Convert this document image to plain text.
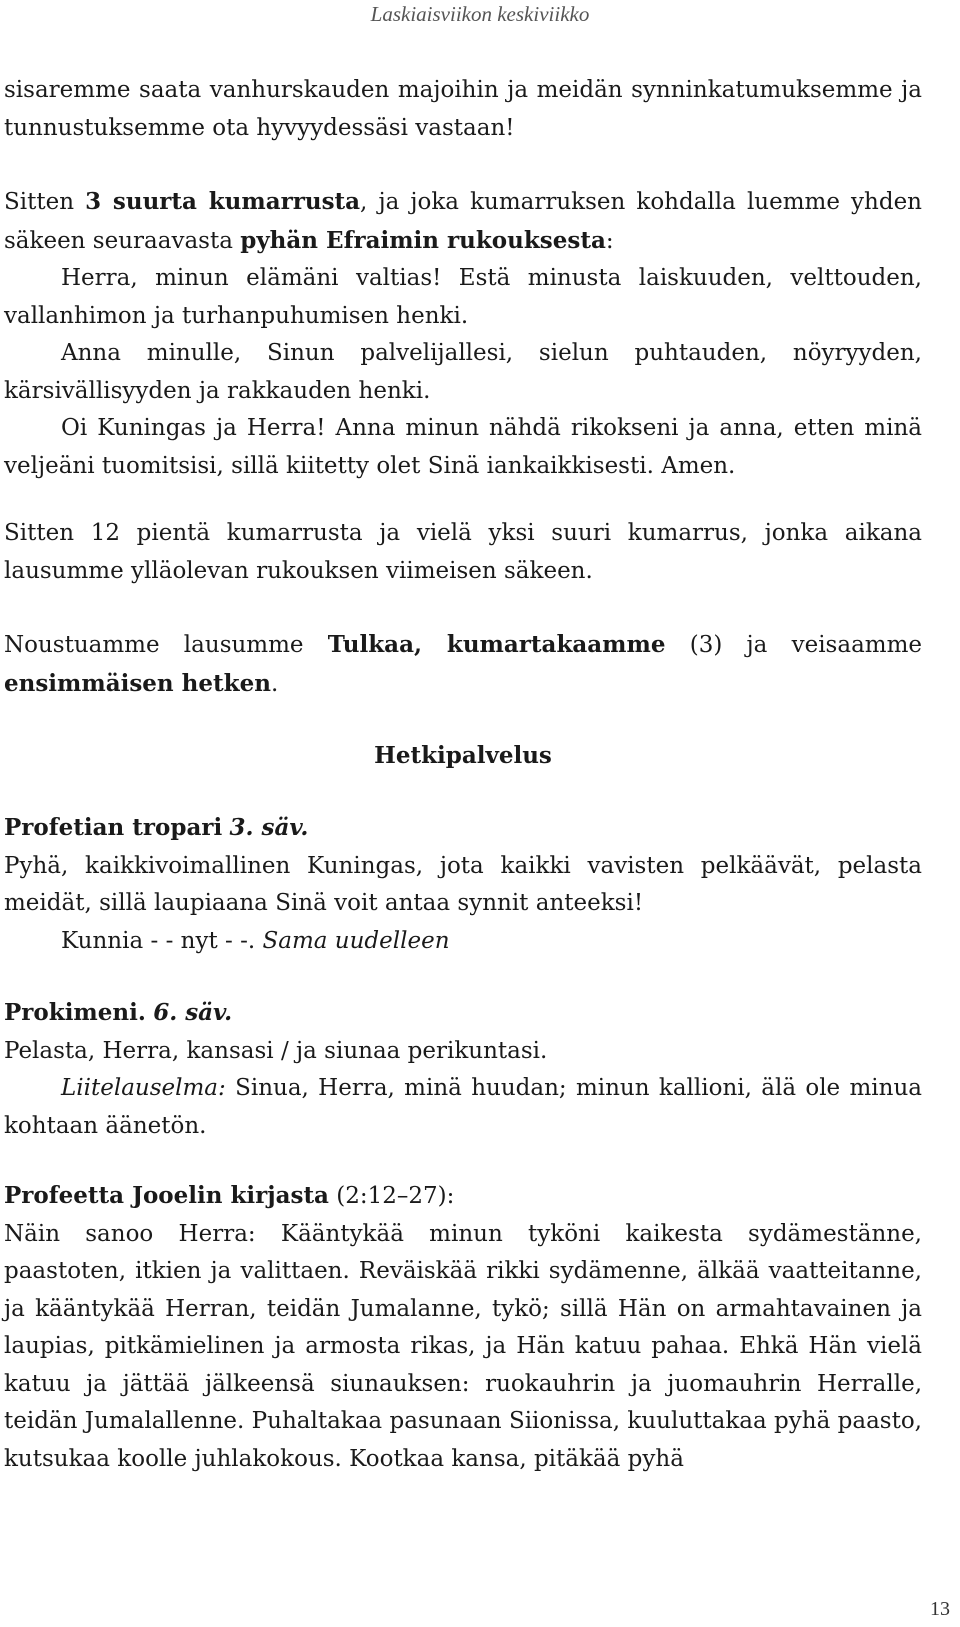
Laskiaisviikon keskiviikko

sisaremme saata vanhurskauden majoihin ja meidän synninkatumuksemme ja tunnustuksemme ota hyvyydessäsi vastaan!

Sitten 3 suurta kumarrusta, ja joka kumarruksen kohdalla luemme yhden säkeen seuraavasta pyhän Efraimin rukouksesta:

Herra, minun elämäni valtias! Estä minusta laiskuuden, velttouden, vallanhimon ja turhanpuhumisen henki.

Anna minulle, Sinun palvelijallesi, sielun puhtauden, nöyryyden, kärsivällisyyden ja rakkauden henki.

Oi Kuningas ja Herra! Anna minun nähdä rikokseni ja anna, etten minä veljeäni tuomitsisi, sillä kiitetty olet Sinä iankaikkisesti. Amen.

Sitten 12 pientä kumarrusta ja vielä yksi suuri kumarrus, jonka aikana lausumme ylläolevan rukouksen viimeisen säkeen.

Noustuamme lausumme Tulkaa, kumartakaamme (3) ja veisaamme ensimmäisen hetken.

Hetkipalvelus

Profetian tropari 3. säv.

Pyhä, kaikkivoimallinen Kuningas, jota kaikki vavisten pelkäävät, pelasta meidät, sillä laupiaana Sinä voit antaa synnit anteeksi!

Kunnia - - nyt - -. Sama uudelleen

Prokimeni. 6. säv.

Pelasta, Herra, kansasi / ja siunaa perikuntasi.

Liitelauselma: Sinua, Herra, minä huudan; minun kallioni, älä ole minua kohtaan äänetön.

Profeetta Jooelin kirjasta (2:12–27):

Näin sanoo Herra: Kääntykää minun tyköni kaikesta sydämestänne, paastoten, itkien ja valittaen. Reväiskää rikki sydämenne, älkää vaatteitanne, ja kääntykää Herran, teidän Jumalanne, tykö; sillä Hän on armahtavainen ja laupias, pitkämielinen ja armosta rikas, ja Hän katuu pahaa. Ehkä Hän vielä katuu ja jättää jälkeensä siunauksen: ruokauhrin ja juomauhrin Herralle, teidän Jumalallenne. Puhaltakaa pasunaan Siionissa, kuuluttakaa pyhä paasto, kutsukaa koolle juhlakokous. Kootkaa kansa, pitäkää pyhä

13
